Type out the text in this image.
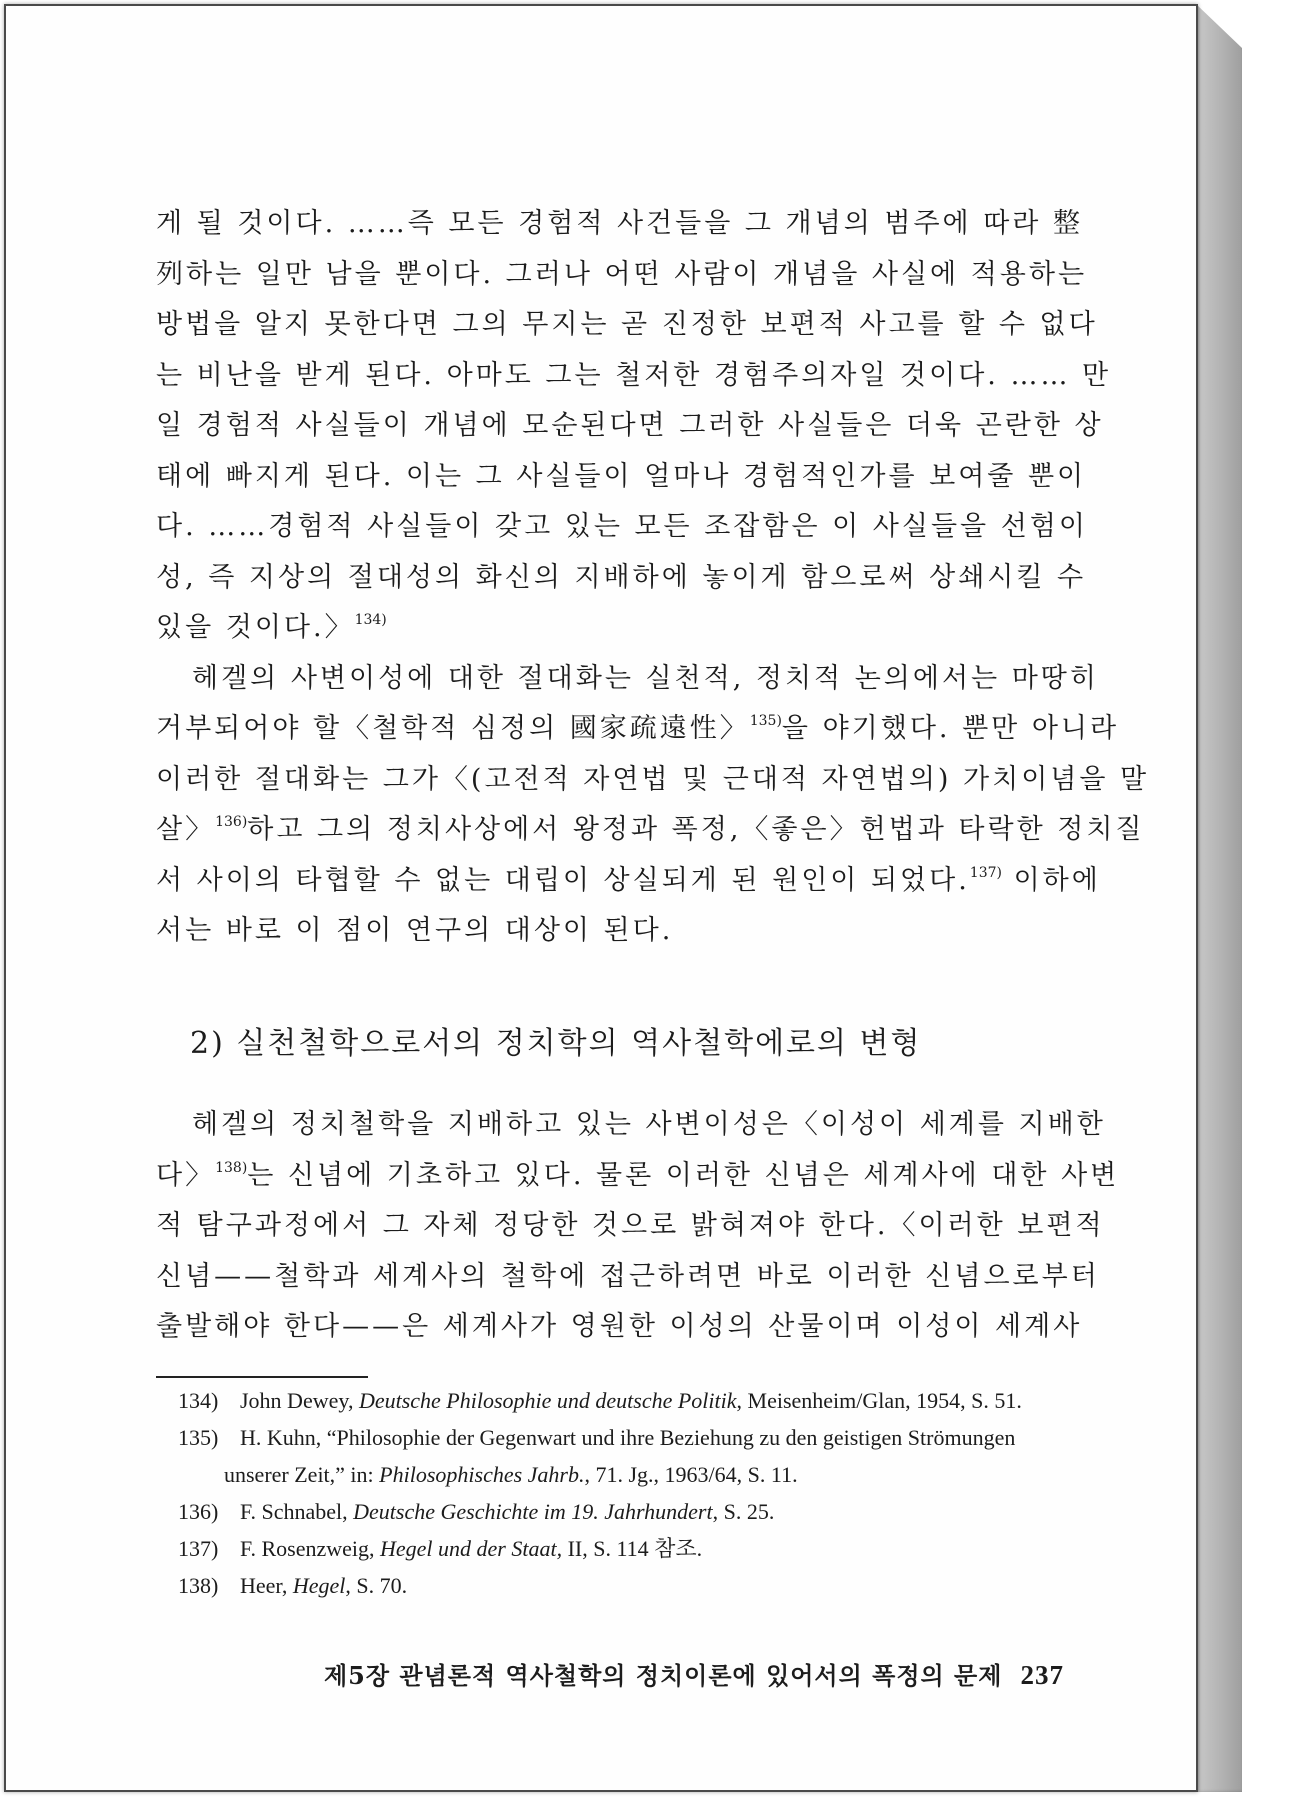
게 될 것이다. ……즉 모든 경험적 사건들을 그 개념의 범주에 따라 整
列하는 일만 남을 뿐이다. 그러나 어떤 사람이 개념을 사실에 적용하는
방법을 알지 못한다면 그의 무지는 곧 진정한 보편적 사고를 할 수 없다
는 비난을 받게 된다. 아마도 그는 철저한 경험주의자일 것이다. …… 만
일 경험적 사실들이 개념에 모순된다면 그러한 사실들은 더욱 곤란한 상
태에 빠지게 된다. 이는 그 사실들이 얼마나 경험적인가를 보여줄 뿐이
다. ……경험적 사실들이 갖고 있는 모든 조잡함은 이 사실들을 선험이
성, 즉 지상의 절대성의 화신의 지배하에 놓이게 함으로써 상쇄시킬 수
있을 것이다.〉$^{134)}$
헤겔의 사변이성에 대한 절대화는 실천적, 정치적 논의에서는 마땅히
거부되어야 할〈철학적 심정의 國家疏遠性〉$^{135)}$을 야기했다. 뿐만 아니라
이러한 절대화는 그가〈(고전적 자연법 및 근대적 자연법의) 가치이념을 말
살〉$^{136)}$하고 그의 정치사상에서 왕정과 폭정,〈좋은〉헌법과 타락한 정치질
서 사이의 타협할 수 없는 대립이 상실되게 된 원인이 되었다.$^{137)}$ 이하에
서는 바로 이 점이 연구의 대상이 된다.
2) 실천철학으로서의 정치학의 역사철학에로의 변형
헤겔의 정치철학을 지배하고 있는 사변이성은〈이성이 세계를 지배한
다〉$^{138)}$는 신념에 기초하고 있다. 물론 이러한 신념은 세계사에 대한 사변
적 탐구과정에서 그 자체 정당한 것으로 밝혀져야 한다.〈이러한 보편적
신념——철학과 세계사의 철학에 접근하려면 바로 이러한 신념으로부터
출발해야 한다——은 세계사가 영원한 이성의 산물이며 이성이 세계사
134) John Dewey, Deutsche Philosophie und deutsche Politik, Meisenheim/Glan, 1954, S. 51.
135) H. Kuhn, “Philosophie der Gegenwart und ihre Beziehung zu den geistigen Strömungen
unserer Zeit,” in: Philosophisches Jahrb., 71. Jg., 1963/64, S. 11.
136) F. Schnabel, Deutsche Geschichte im 19. Jahrhundert, S. 25.
137) F. Rosenzweig, Hegel und der Staat, II, S. 114 참조.
138) Heer, Hegel, S. 70.
제5장 관념론적 역사철학의 정치이론에 있어서의 폭정의 문제 237
